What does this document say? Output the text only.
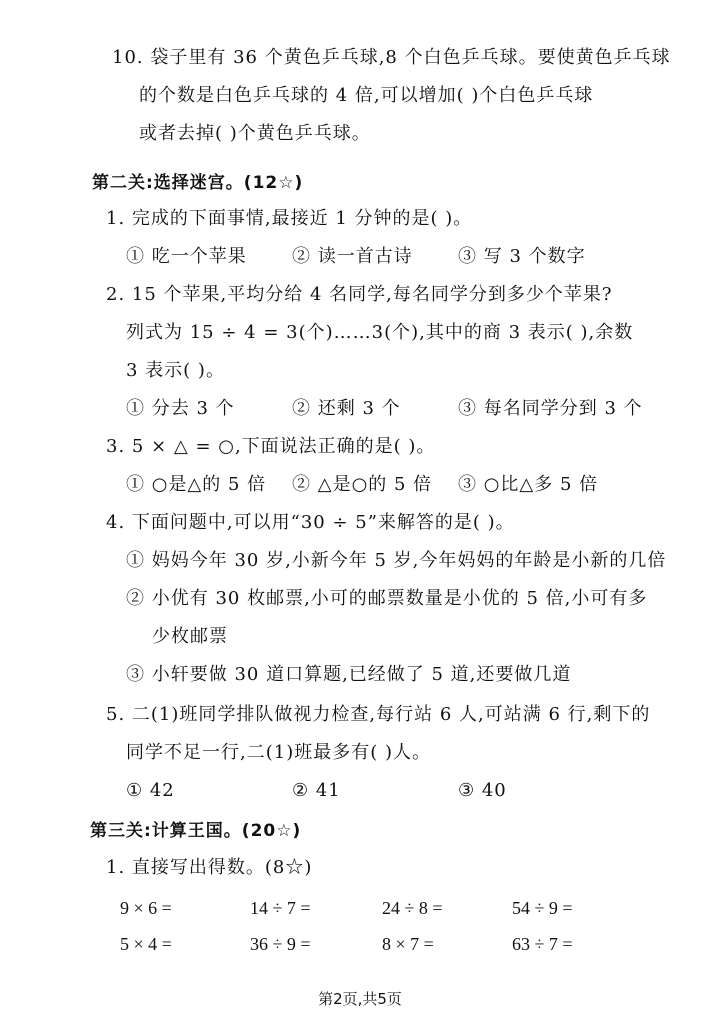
10. 袋子里有 36 个黄色乒乓球,8 个白色乒乓球。要使黄色乒乓球
的个数是白色乒乓球的 4 倍,可以增加( )个白色乒乓球
或者去掉( )个黄色乒乓球。
第二关:选择迷宫。(12☆)
1. 完成的下面事情,最接近 1 分钟的是( )。
① 吃一个苹果	② 读一首古诗	③ 写 3 个数字
2. 15 个苹果,平均分给 4 名同学,每名同学分到多少个苹果?
列式为 15 ÷ 4 = 3(个)……3(个),其中的商 3 表示( ),余数
3 表示( )。
① 分去 3 个	② 还剩 3 个	③ 每名同学分到 3 个
3. 5 × △ = ○,下面说法正确的是( )。
① ○是△的 5 倍 ② △是○的 5 倍 ③ ○比△多 5 倍
4. 下面问题中,可以用“30 ÷ 5”来解答的是( )。
① 妈妈今年 30 岁,小新今年 5 岁,今年妈妈的年龄是小新的几倍
② 小优有 30 枚邮票,小可的邮票数量是小优的 5 倍,小可有多
少枚邮票
③ 小轩要做 30 道口算题,已经做了 5 道,还要做几道
5. 二(1)班同学排队做视力检查,每行站 6 人,可站满 6 行,剩下的
同学不足一行,二(1)班最多有( )人。
① 42	② 41	③ 40
第三关:计算王国。(20☆)
1. 直接写出得数。(8☆)
9 × 6 =	14 ÷ 7 =	24 ÷ 8 =	54 ÷ 9 =
5 × 4 =	36 ÷ 9 =	8 × 7 =	63 ÷ 7 =
第2页,共5页
